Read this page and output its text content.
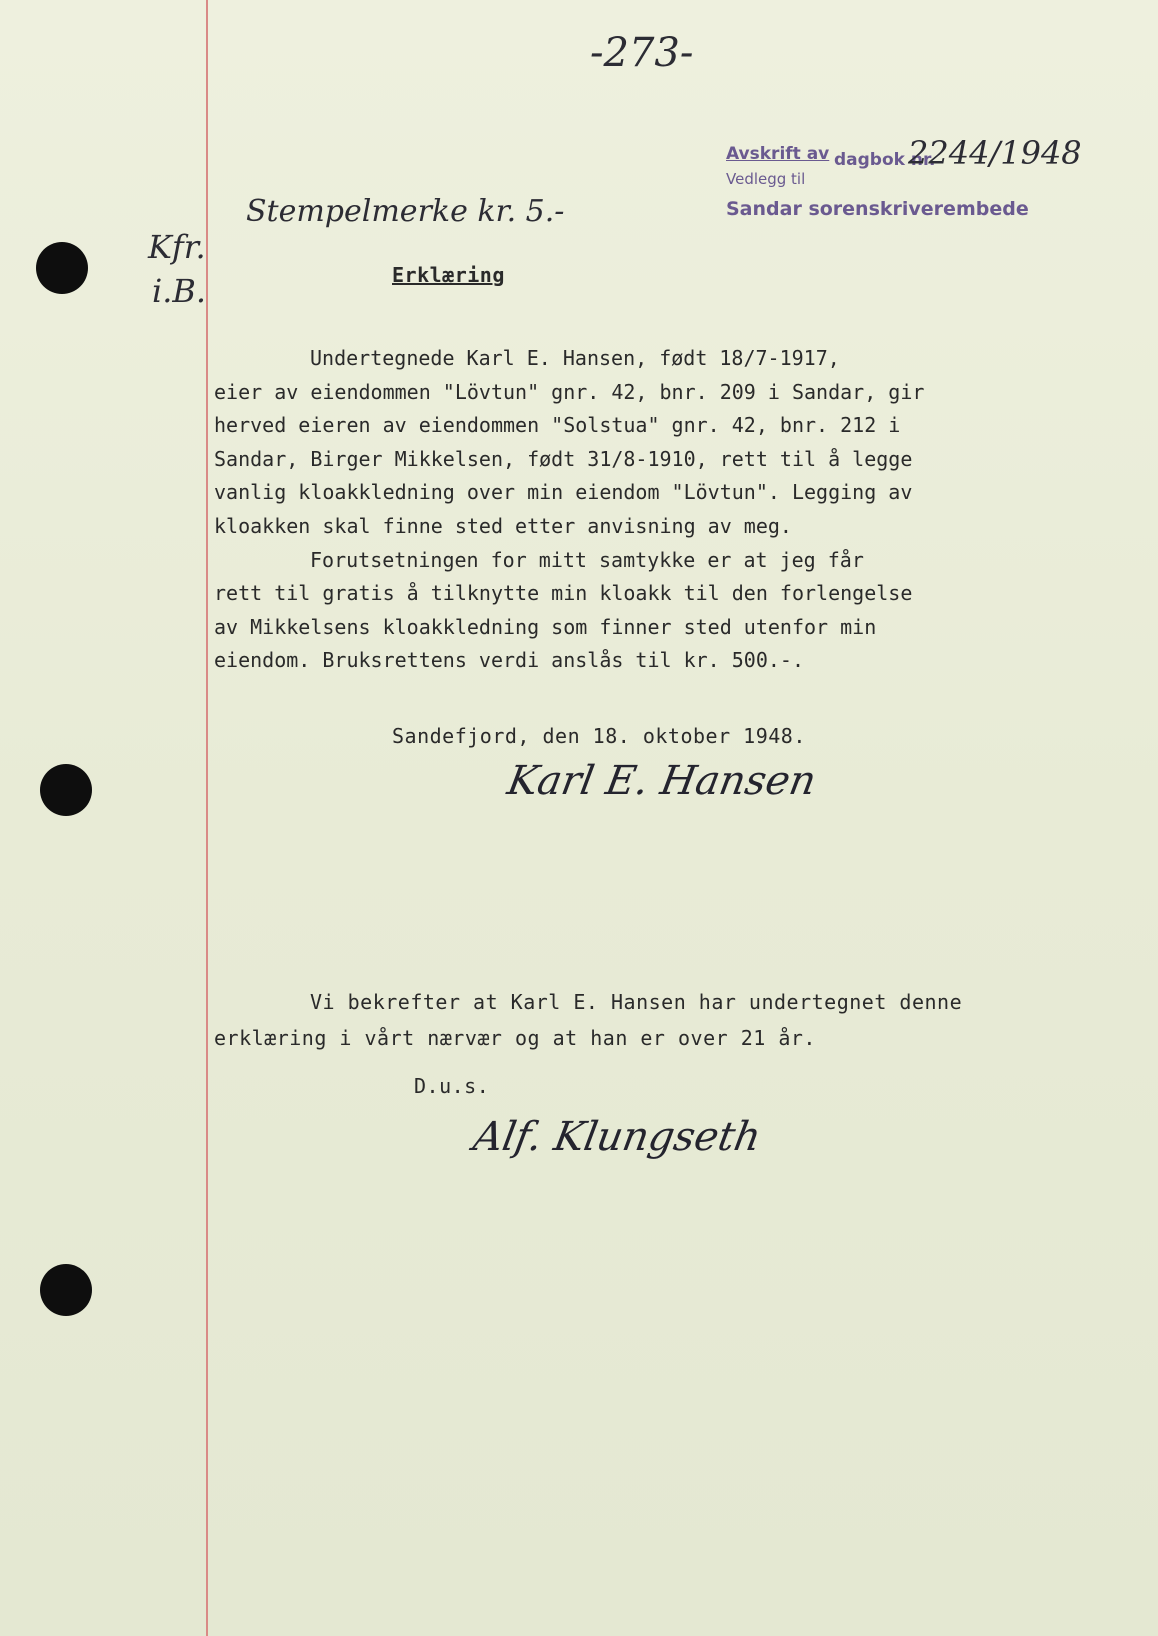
-273-
Avskrift av dagbok nr.
2244/1948
Vedlegg til
Sandar sorenskriverembede
Stempelmerke kr. 5.-
Kfr.
i.B.	Erklæring
Undertegnede Karl E. Hansen, født 18/7-1917,
eier av eiendommen "Lövtun" gnr. 42, bnr. 209 i Sandar, gir
herved eieren av eiendommen "Solstua" gnr. 42, bnr. 212 i
Sandar, Birger Mikkelsen, født 31/8-1910, rett til å legge
vanlig kloakkledning over min eiendom "Lövtun". Legging av
kloakken skal finne sted etter anvisning av meg.
Forutsetningen for mitt samtykke er at jeg får
rett til gratis å tilknytte min kloakk til den forlengelse
av Mikkelsens kloakkledning som finner sted utenfor min
eiendom. Bruksrettens verdi anslås til kr. 500.-.
Sandefjord, den 18. oktober 1948.
Karl E. Hansen
Vi bekrefter at Karl E. Hansen har undertegnet denne
erklæring i vårt nærvær og at han er over 21 år.
D.u.s.
Alf. Klungseth
